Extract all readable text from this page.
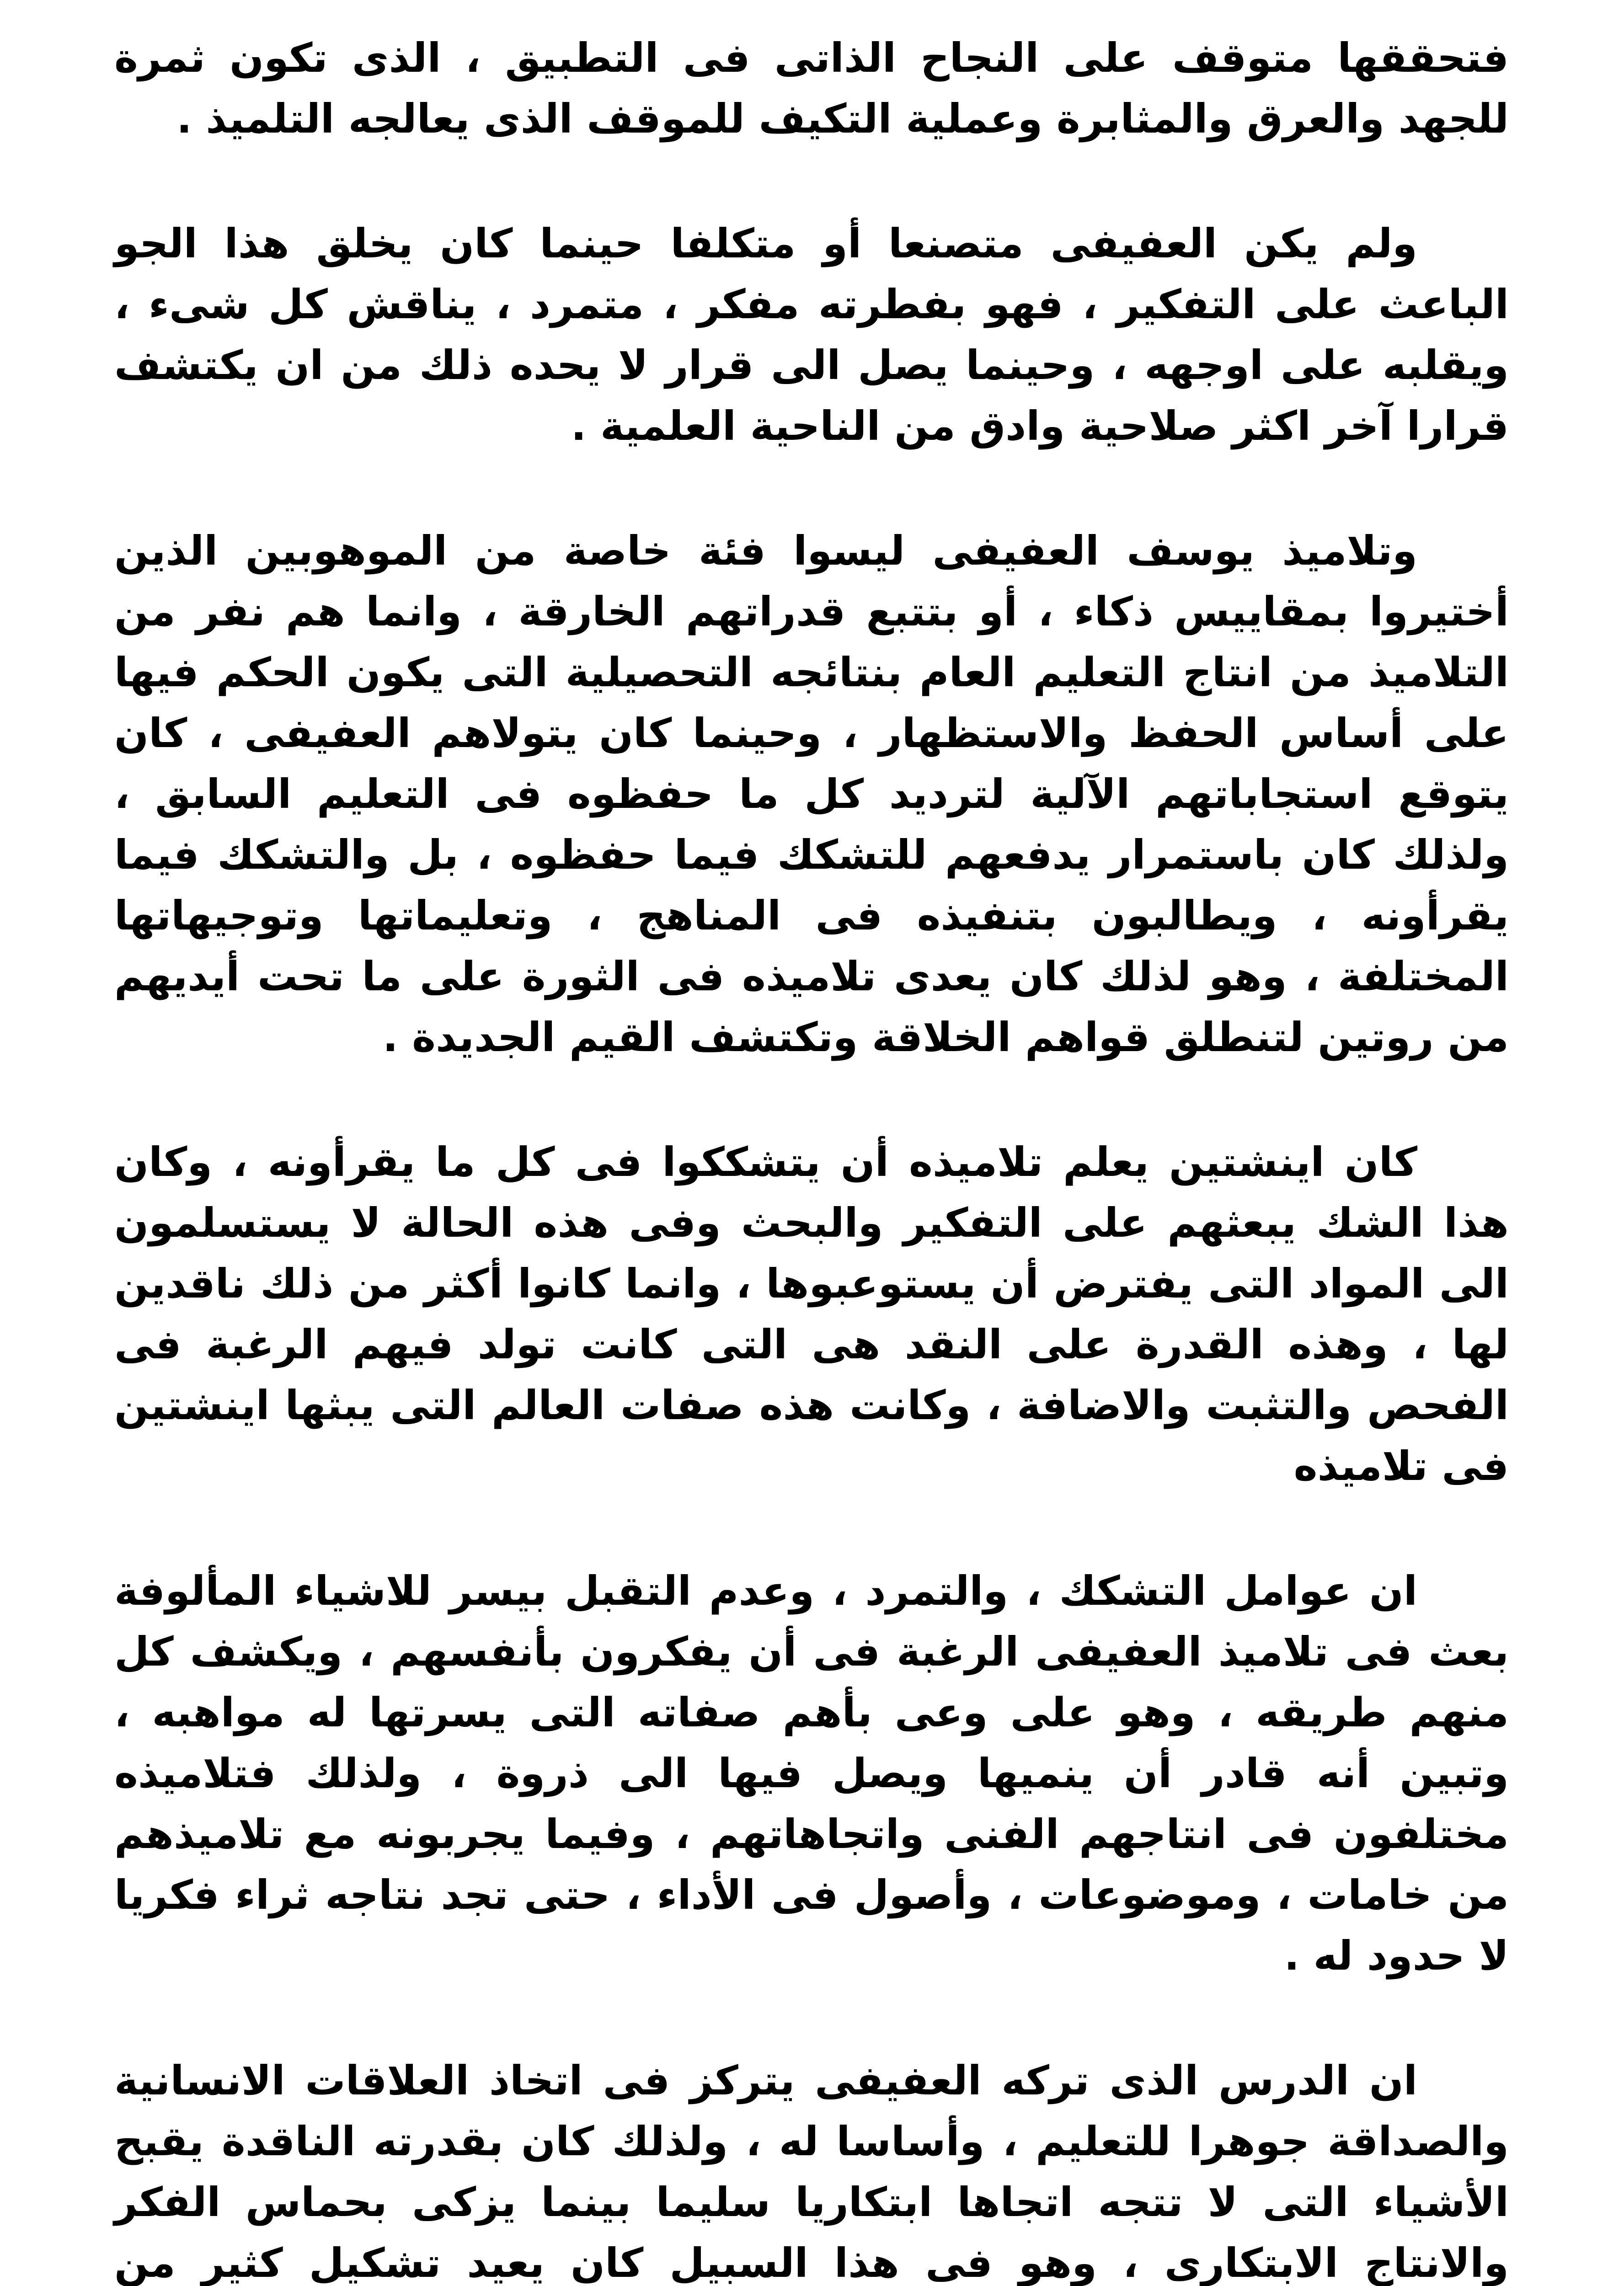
فتحققها متوقف على النجاح الذاتى فى التطبيق ، الذى تكون ثمرة للجهد والعرق والمثابرة وعملية التكيف للموقف الذى يعالجه التلميذ .

ولم يكن العفيفى متصنعا أو متكلفا حينما كان يخلق هذا الجو الباعث على التفكير ، فهو بفطرته مفكر ، متمرد ، يناقش كل شىء ، ويقلبه على اوجهه ، وحينما يصل الى قرار لا يحده ذلك من ان يكتشف قرارا آخر اكثر صلاحية وادق من الناحية العلمية .

وتلاميذ يوسف العفيفى ليسوا فئة خاصة من الموهوبين الذين أختيروا بمقاييس ذكاء ، أو بتتبع قدراتهم الخارقة ، وانما هم نفر من التلاميذ من انتاج التعليم العام بنتائجه التحصيلية التى يكون الحكم فيها على أساس الحفظ والاستظهار ، وحينما كان يتولاهم العفيفى ، كان يتوقع استجاباتهم الآلية لترديد كل ما حفظوه فى التعليم السابق ، ولذلك كان باستمرار يدفعهم للتشكك فيما حفظوه ، بل والتشكك فيما يقرأونه ، ويطالبون بتنفيذه فى المناهج ، وتعليماتها وتوجيهاتها المختلفة ، وهو لذلك كان يعدى تلاميذه فى الثورة على ما تحت أيديهم من روتين لتنطلق قواهم الخلاقة وتكتشف القيم الجديدة .

كان اينشتين يعلم تلاميذه أن يتشككوا فى كل ما يقرأونه ، وكان هذا الشك يبعثهم على التفكير والبحث وفى هذه الحالة لا يستسلمون الى المواد التى يفترض أن يستوعبوها ، وانما كانوا أكثر من ذلك ناقدين لها ، وهذه القدرة على النقد هى التى كانت تولد فيهم الرغبة فى الفحص والتثبت والاضافة ، وكانت هذه صفات العالم التى يبثها اينشتين فى تلاميذه

ان عوامل التشكك ، والتمرد ، وعدم التقبل بيسر للاشياء المألوفة بعث فى تلاميذ العفيفى الرغبة فى أن يفكرون بأنفسهم ، ويكشف كل منهم طريقه ، وهو على وعى بأهم صفاته التى يسرتها له مواهبه ، وتبين أنه قادر أن ينميها ويصل فيها الى ذروة ، ولذلك فتلاميذه مختلفون فى انتاجهم الفنى واتجاهاتهم ، وفيما يجربونه مع تلاميذهم من خامات ، وموضوعات ، وأصول فى الأداء ، حتى تجد نتاجه ثراء فكريا لا حدود له .

ان الدرس الذى تركه العفيفى يتركز فى اتخاذ العلاقات الانسانية والصداقة جوهرا للتعليم ، وأساسا له ، ولذلك كان بقدرته الناقدة يقبح الأشياء التى لا تتجه اتجاها ابتكاريا سليما بينما يزكى بحماس الفكر والانتاج الابتكارى ، وهو فى هذا السبيل كان يعيد تشكيل كثير من
